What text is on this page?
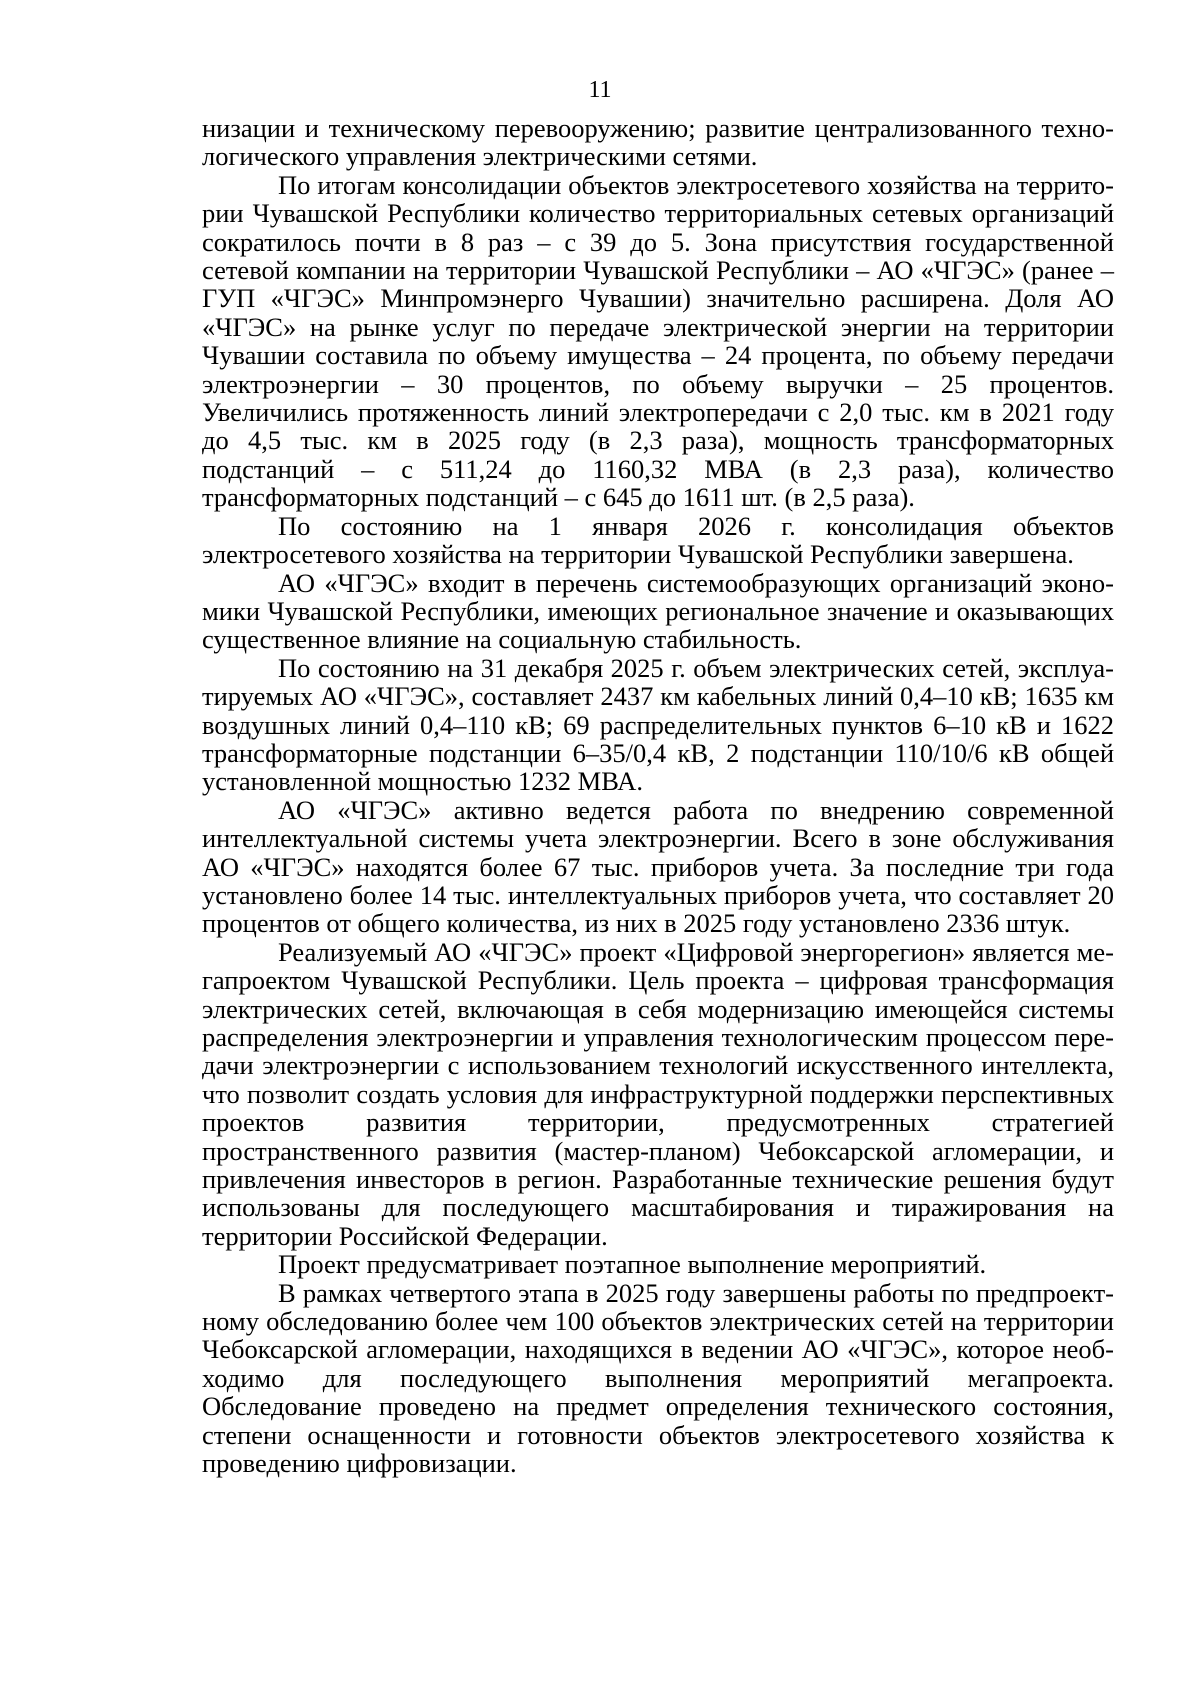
11

низации и техническому перевооружению; развитие централизованного технологического управления электрическими сетями.

По итогам консолидации объектов электросетевого хозяйства на территории Чувашской Республики количество территориальных сетевых организаций сократилось почти в 8 раз – с 39 до 5. Зона присутствия государственной сетевой компании на территории Чувашской Республики – АО «ЧГЭС» (ранее – ГУП «ЧГЭС» Минпромэнерго Чувашии) значительно расширена. Доля АО «ЧГЭС» на рынке услуг по передаче электрической энергии на территории Чувашии составила по объему имущества – 24 процента, по объему передачи электроэнергии – 30 процентов, по объему выручки – 25 процентов. Увеличились протяженность линий электропередачи с 2,0 тыс. км в 2021 году до 4,5 тыс. км в 2025 году (в 2,3 раза), мощность трансформаторных подстанций – с 511,24 до 1160,32 МВА (в 2,3 раза), количество трансформаторных подстанций – с 645 до 1611 шт. (в 2,5 раза).

По состоянию на 1 января 2026 г. консолидация объектов электросетевого хозяйства на территории Чувашской Республики завершена.

АО «ЧГЭС» входит в перечень системообразующих организаций экономики Чувашской Республики, имеющих региональное значение и оказывающих существенное влияние на социальную стабильность.

По состоянию на 31 декабря 2025 г. объем электрических сетей, эксплуатируемых АО «ЧГЭС», составляет 2437 км кабельных линий 0,4–10 кВ; 1635 км воздушных линий 0,4–110 кВ; 69 распределительных пунктов 6–10 кВ и 1622 трансформаторные подстанции 6–35/0,4 кВ, 2 подстанции 110/10/6 кВ общей установленной мощностью 1232 МВА.

АО «ЧГЭС» активно ведется работа по внедрению современной интеллектуальной системы учета электроэнергии. Всего в зоне обслуживания АО «ЧГЭС» находятся более 67 тыс. приборов учета. За последние три года установлено более 14 тыс. интеллектуальных приборов учета, что составляет 20 процентов от общего количества, из них в 2025 году установлено 2336 штук.

Реализуемый АО «ЧГЭС» проект «Цифровой энергорегион» является мегапроектом Чувашской Республики. Цель проекта – цифровая трансформация электрических сетей, включающая в себя модернизацию имеющейся системы распределения электроэнергии и управления технологическим процессом передачи электроэнергии с использованием технологий искусственного интеллекта, что позволит создать условия для инфраструктурной поддержки перспективных проектов развития территории, предусмотренных стратегией пространственного развития (мастер-планом) Чебоксарской агломерации, и привлечения инвесторов в регион. Разработанные технические решения будут использованы для последующего масштабирования и тиражирования на территории Российской Федерации.

Проект предусматривает поэтапное выполнение мероприятий.

В рамках четвертого этапа в 2025 году завершены работы по предпроектному обследованию более чем 100 объектов электрических сетей на территории Чебоксарской агломерации, находящихся в ведении АО «ЧГЭС», которое необходимо для последующего выполнения мероприятий мегапроекта. Обследование проведено на предмет определения технического состояния, степени оснащенности и готовности объектов электросетевого хозяйства к проведению цифровизации.
